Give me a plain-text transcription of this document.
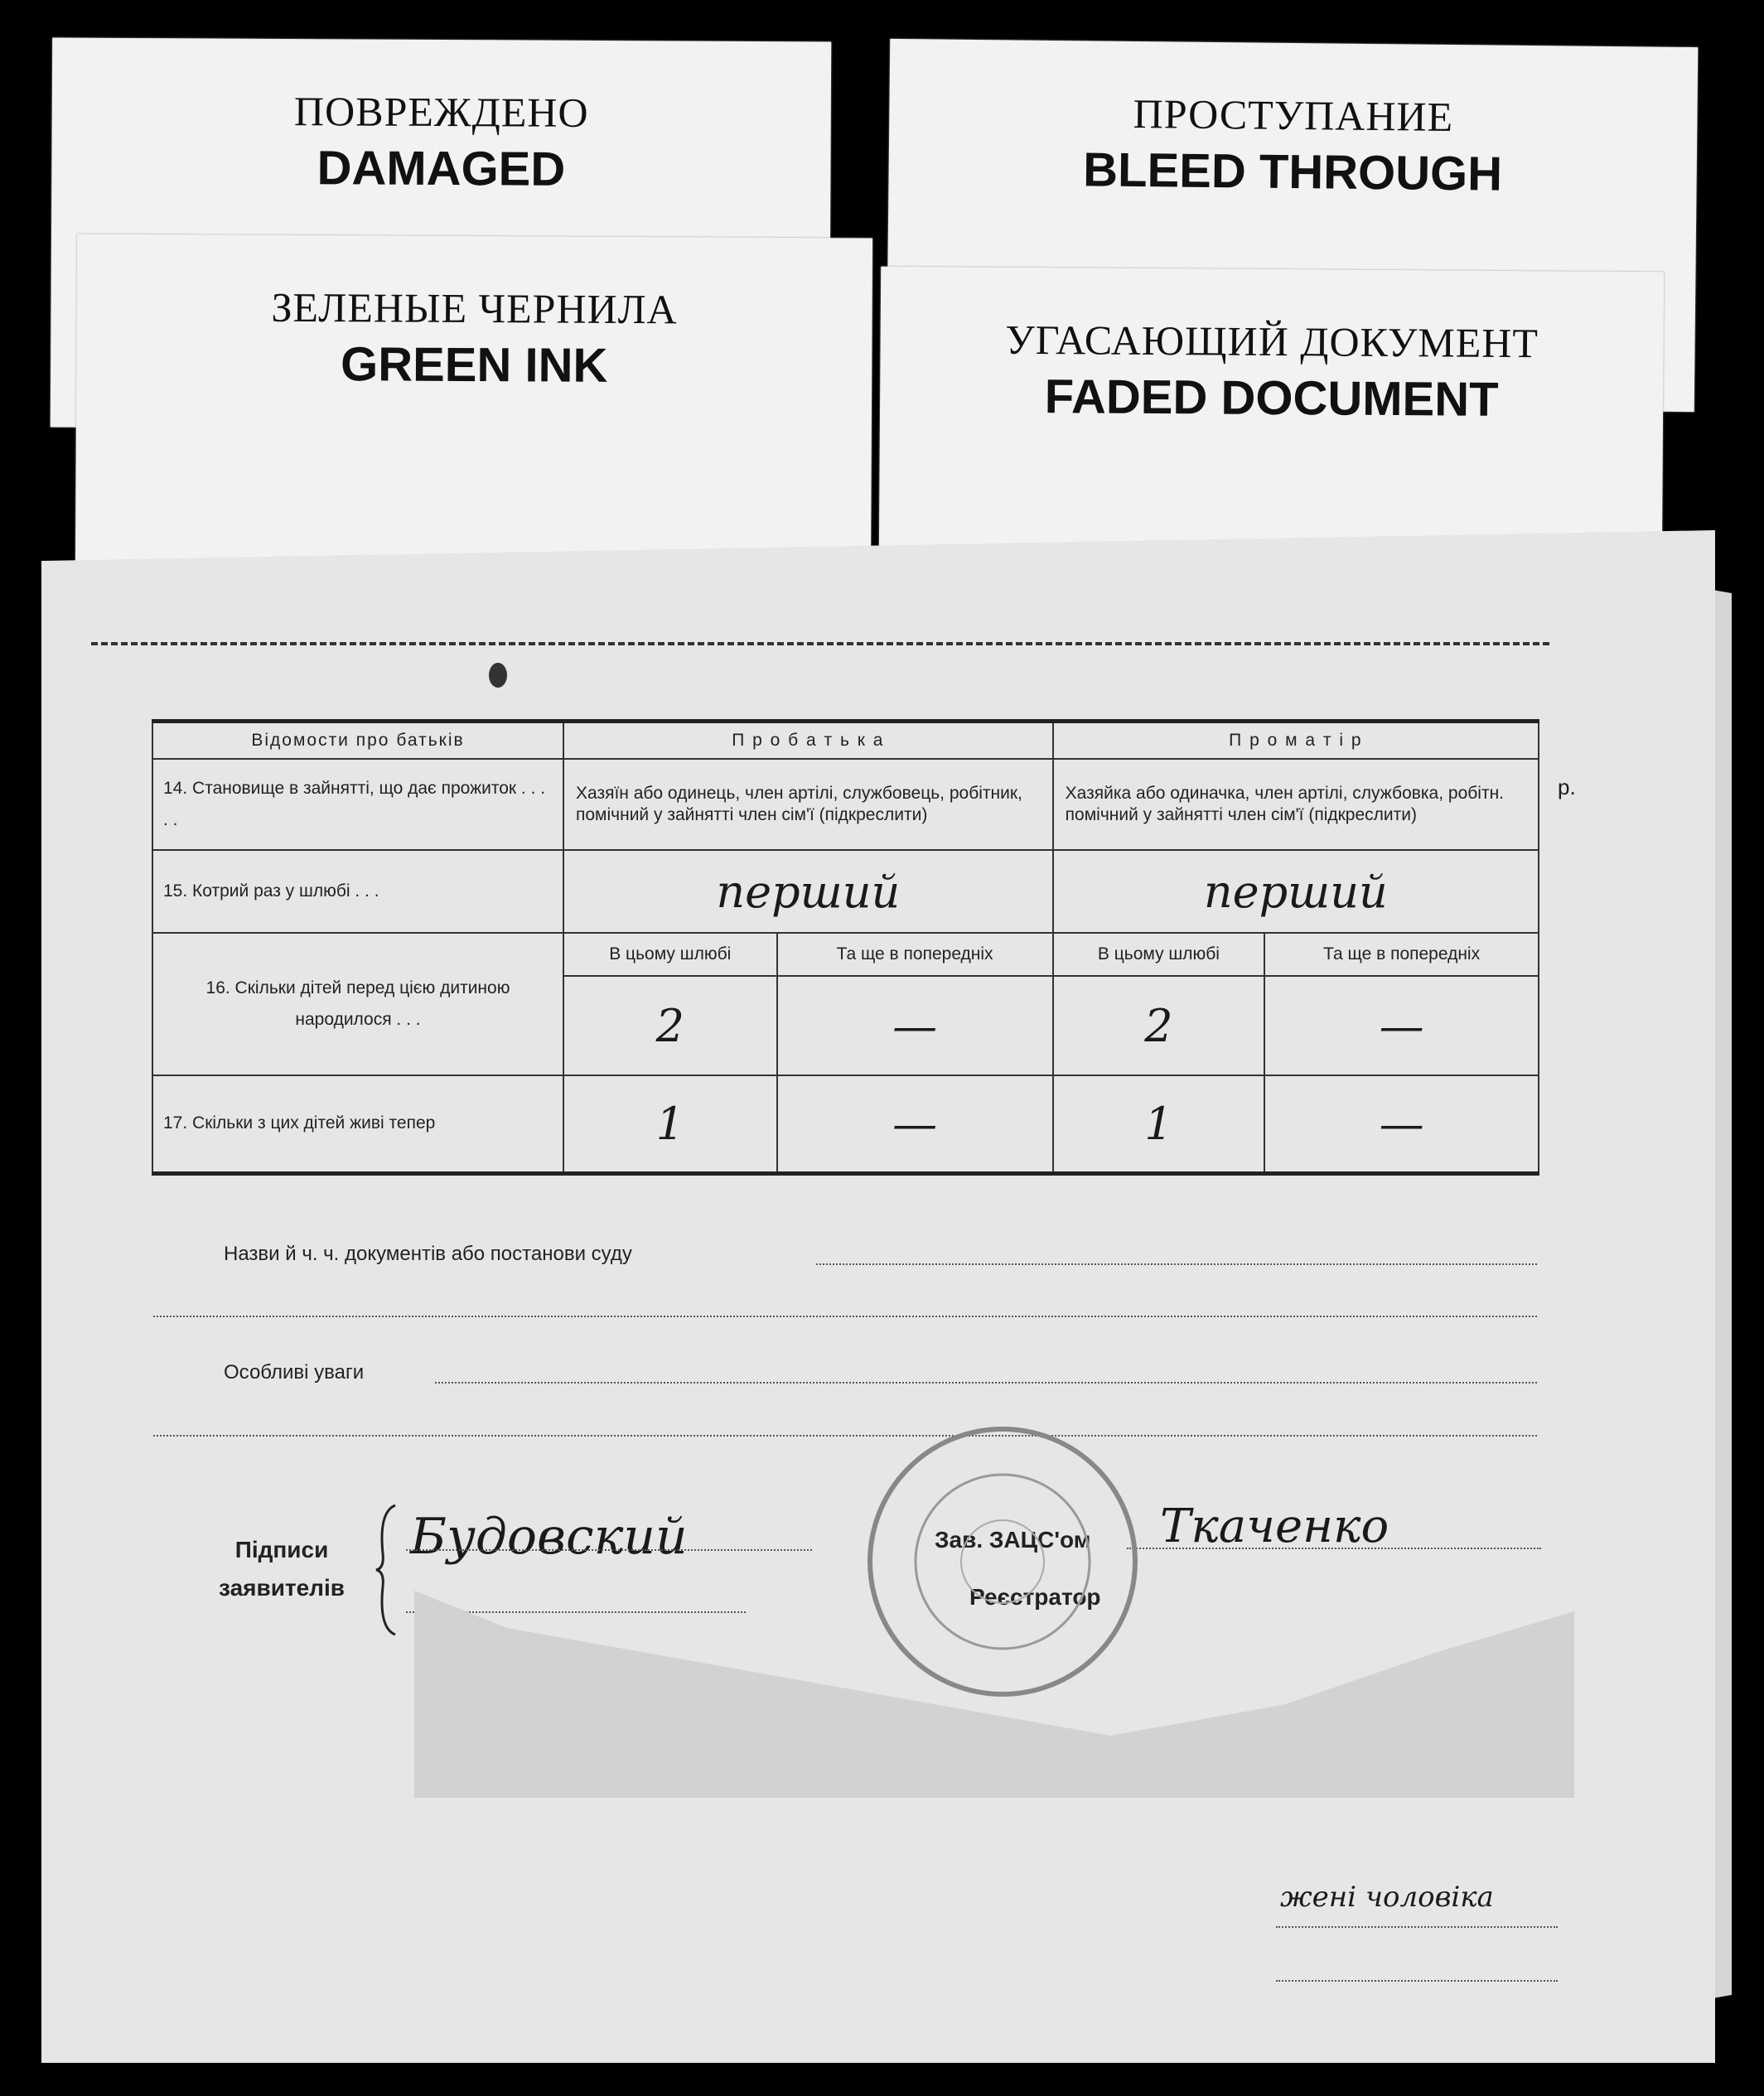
ПОВРЕЖДЕНО
DAMAGED
ПРОСТУПАНИЕ
BLEED THROUGH
ЗЕЛЕНЫЕ ЧЕРНИЛА
GREEN INK	УГАСАЮЩИЙ ДОКУМЕНТ
FADED DOCUMENT
р.
Відомости про батьків	П р о б а т ь к а		П р о м а т і р	
14. Становище в зайнятті, що дає прожиток . . . . .	Хазяїн або одинець, член артілі, службовець, робітник, помічний у зайнятті член сім'ї (підкреслити)		Хазяйка або одиначка, член артілі, службовка, робітн. помічний у зайнятті член сім'ї (підкреслити)	
15. Котрий раз у шлюбі . . .	перший		перший	
16. Скільки дітей перед цією дитиною народилося . . .	В цьому шлюбі	Та ще в попередніх	В цьому шлюбі	Та ще в попередніх
	2	—	2	—
17. Скільки з цих дітей живі тепер	1	—	1	—
Назви й ч. ч. документів або постанови суду
Особливі уваги
Підписи заявителів
Будовский	Зав. ЗАЦС'ом Ткаченко
Реєстратор
жені чоловіка
